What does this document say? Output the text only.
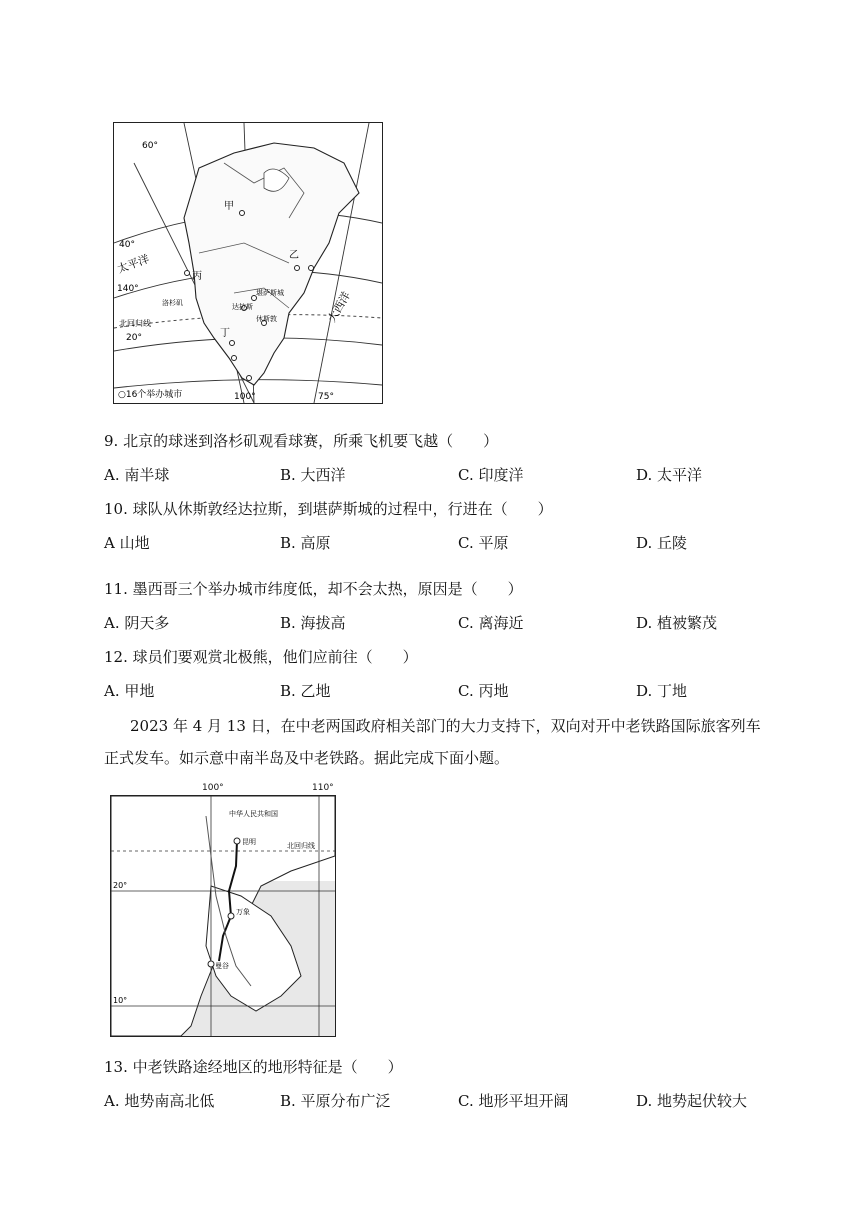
60°
40°
20°
140°
100°	75°
太平洋
大西洋
北回归线
甲
乙
丙
丁
堪萨斯城
达拉斯
休斯敦
洛杉矶
○16个举办城市
9. 北京的球迷到洛杉矶观看球赛，所乘飞机要飞越（　　）
A. 南半球	B. 大西洋	C. 印度洋	D. 太平洋
10. 球队从休斯敦经达拉斯，到堪萨斯城的过程中，行进在（　　）
A 山地	B. 高原	C. 平原	D. 丘陵
11. 墨西哥三个举办城市纬度低，却不会太热，原因是（　　）
A. 阴天多	B. 海拔高	C. 离海近	D. 植被繁茂
12. 球员们要观赏北极熊，他们应前往（　　）
A. 甲地	B. 乙地	C. 丙地	D. 丁地
2023 年 4 月 13 日，在中老两国政府相关部门的大力支持下，双向对开中老铁路国际旅客列车正式发车。如示意中南半岛及中老铁路。据此完成下面小题。
20°
10°
中华人民共和国
北回归线
昆明
万象
曼谷
100°	110°
13. 中老铁路途经地区的地形特征是（　　）
A. 地势南高北低	B. 平原分布广泛	C. 地形平坦开阔	D. 地势起伏较大
